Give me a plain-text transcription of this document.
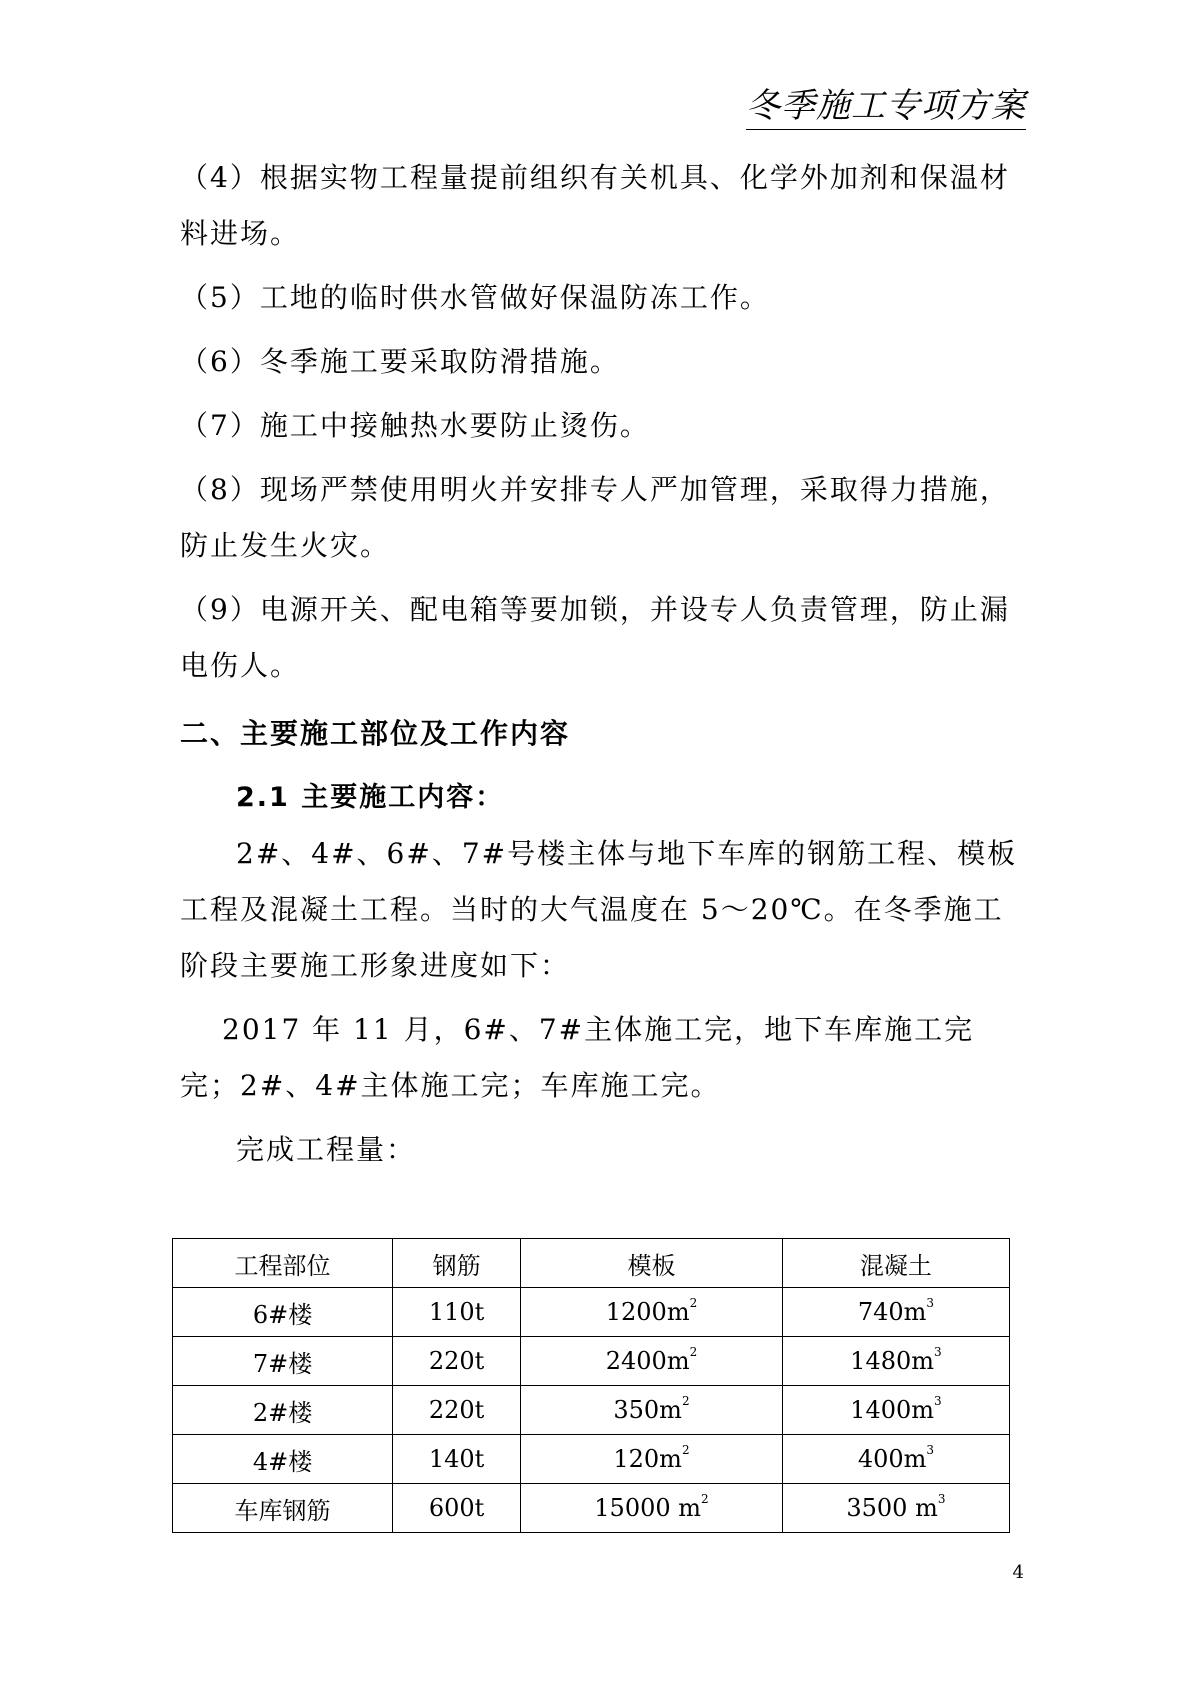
冬季施工专项方案

（4）根据实物工程量提前组织有关机具、化学外加剂和保温材料进场。

（5）工地的临时供水管做好保温防冻工作。

（6）冬季施工要采取防滑措施。

（7）施工中接触热水要防止烫伤。

（8）现场严禁使用明火并安排专人严加管理，采取得力措施，防止发生火灾。

（9）电源开关、配电箱等要加锁，并设专人负责管理，防止漏电伤人。

二、主要施工部位及工作内容
2.1 主要施工内容：

2#、4#、6#、7#号楼主体与地下车库的钢筋工程、模板工程及混凝土工程。当时的大气温度在 5～20℃。在冬季施工阶段主要施工形象进度如下：

2017 年 11 月，6#、7#主体施工完，地下车库施工完完；2#、4#主体施工完；车库施工完。

完成工程量：

工程部位	钢筋	模板	混凝土
6#楼	110t	$1200m^2$	$740m^3$
7#楼	220t	$2400m^2$	$1480m^3$
2#楼	220t	$350m^2$	$1400m^3$
4#楼	140t	$120m^2$	$400m^3$
车库钢筋	600t	15000 $m^2$	3500 $m^3$
4
